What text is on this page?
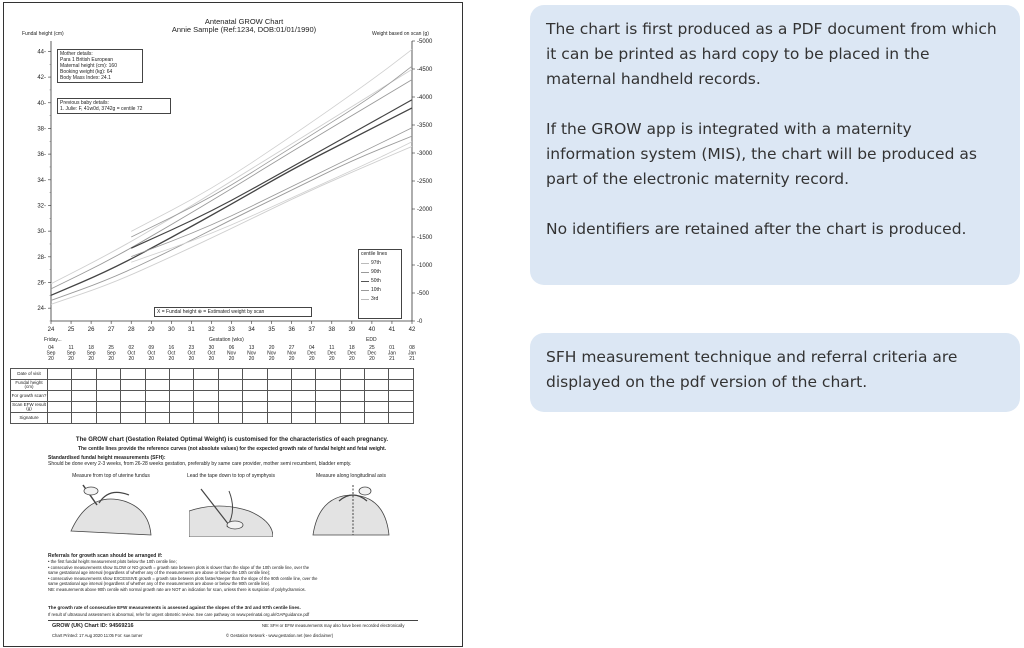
Antenatal GROW Chart
Annie Sample (Ref:1234, DOB:01/01/1990)
Fundal height (cm)	Weight based on scan (g)
24-
26-
28-
30-
32-
34-
36-
38-
40-
42-
44-
-0
-500
-1000
-1500
-2000
-2500
-3000
-3500
-4000
-4500
-5000
24
04
Sep
20
25
11
Sep
20
26
18
Sep
20
27
25
Sep
20
28
02
Oct
20
29
09
Oct
20
30
16
Oct
20
31
23
Oct
20
32
30
Oct
20
33
06
Nov
20
34
13
Nov
20
35
20
Nov
20
36
27
Nov
20
37
04
Dec
20
38
11
Dec
20
39
18
Dec
20
40
25
Dec
20
41
01
Jan
21
42
08
Jan
21
Mother details:
Para 1 British European
Maternal height (cm): 160
Booking weight (kg): 64
Body Mass Index: 24.1
Previous baby details:
1. Julie: F, 41w0d, 3742g = centile 72
centile lines
97th
90th
50th
10th
3rd
X = Fundal height ⊕ = Estimated weight by scan
Friday...	Gestation (wks)	EDD
Date of visit															
Fundal height (cm)															
For growth scan?															
Scan EFW result (g)															
Signature															
The GROW chart (Gestation Related Optimal Weight) is customised for the characteristics of each pregnancy.
The centile lines provide the reference curves (not absolute values) for the expected growth rate of fundal height and fetal weight.
Standardised fundal height measurements (SFH):
Should be done every 2-3 weeks, from 26-28 weeks gestation, preferably by same care provider, mother semi recumbent, bladder empty.
Measure from top of uterine fundus	Lead the tape down to top of symphysis	Measure along longitudinal axis
Referrals for growth scan should be arranged if:
• the first fundal height measurement plots below the 10th centile line;
• consecutive measurements show SLOW or NO growth = growth rate between plots is slower than the slope of the 10th centile line, over the
same gestational age interval (regardless of whether any of the measurements are above or below the 10th centile line);
• consecutive measurements show EXCESSIVE growth = growth rate between plots faster/steeper than the slope of the 90th centile line, over the
same gestational age interval (regardless of whether any of the measurements are above or below the 90th centile line).
NB: measurements above 90th centile with normal growth rate are NOT an indication for scan, unless there is suspicion of polyhydramnios.
The growth rate of consecutive EFW measurements is assessed against the slopes of the 3rd and 97th centile lines.
If result of ultrasound assessment is abnormal, refer for urgent obstetric review. See care pathway on www.perinatal.org.uk/GAPguidance.pdf
GROW (UK) Chart ID: 94569216	NB: SFH or EFW measurements may also have been recorded electronically
Chart Printed: 17 Aug 2020 11:05 For: sue.turner	© Gestation Network - www.gestation.net (see disclaimer)

The chart is first produced as a PDF document from which it can be printed as hard copy to be placed in the maternal handheld records.

If the GROW app is integrated with a maternity information system (MIS), the chart will be produced as part of the electronic maternity record.

No identifiers are retained after the chart is produced.

SFH measurement technique and referral criteria are displayed on the pdf version of the chart.
